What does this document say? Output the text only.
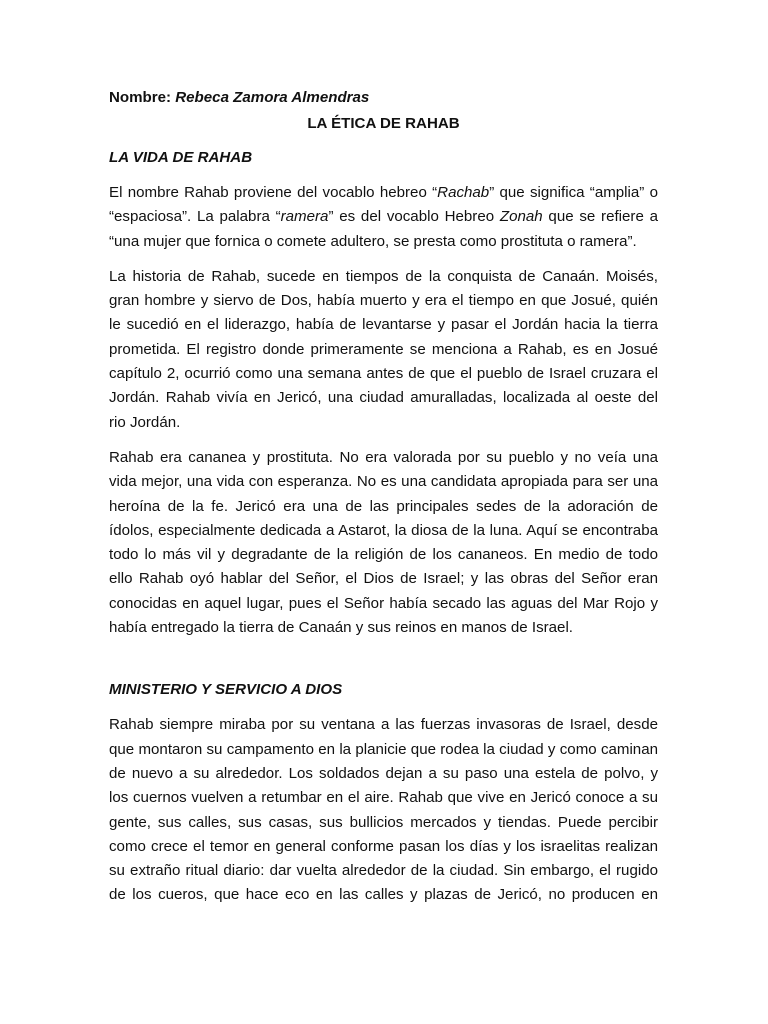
Nombre: Rebeca Zamora Almendras

LA ÉTICA DE RAHAB

LA VIDA DE RAHAB

El nombre Rahab proviene del vocablo hebreo “Rachab” que significa “amplia” o
“espaciosa”. La palabra “ramera” es del vocablo Hebreo Zonah que se refiere a
“una mujer que fornica o comete adultero, se presta como prostituta o ramera”.
La historia de Rahab, sucede en tiempos de la conquista de Canaán. Moisés,
gran hombre y siervo de Dos, había muerto y era el tiempo en que Josué, quién
le sucedió en el liderazgo, había de levantarse y pasar el Jordán hacia la tierra
prometida. El registro donde primeramente se menciona a Rahab, es en Josué
capítulo 2, ocurrió como una semana antes de que el pueblo de Israel cruzara el
Jordán. Rahab vivía en Jericó, una ciudad amuralladas, localizada al oeste del
rio Jordán.
Rahab era cananea y prostituta. No era valorada por su pueblo y no veía una
vida mejor, una vida con esperanza. No es una candidata apropiada para ser una
heroína de la fe. Jericó era una de las principales sedes de la adoración de
ídolos, especialmente dedicada a Astarot, la diosa de la luna. Aquí se encontraba
todo lo más vil y degradante de la religión de los cananeos. En medio de todo
ello Rahab oyó hablar del Señor, el Dios de Israel; y las obras del Señor eran
conocidas en aquel lugar, pues el Señor había secado las aguas del Mar Rojo y
había entregado la tierra de Canaán y sus reinos en manos de Israel.

MINISTERIO Y SERVICIO A DIOS

Rahab siempre miraba por su ventana a las fuerzas invasoras de Israel, desde
que montaron su campamento en la planicie que rodea la ciudad y como caminan
de nuevo a su alrededor. Los soldados dejan a su paso una estela de polvo, y
los cuernos vuelven a retumbar en el aire. Rahab que vive en Jericó conoce a su
gente, sus calles, sus casas, sus bullicios mercados y tiendas. Puede percibir
como crece el temor en general conforme pasan los días y los israelitas realizan
su extraño ritual diario: dar vuelta alrededor de la ciudad. Sin embargo, el rugido
de los cueros, que hace eco en las calles y plazas de Jericó, no producen en
